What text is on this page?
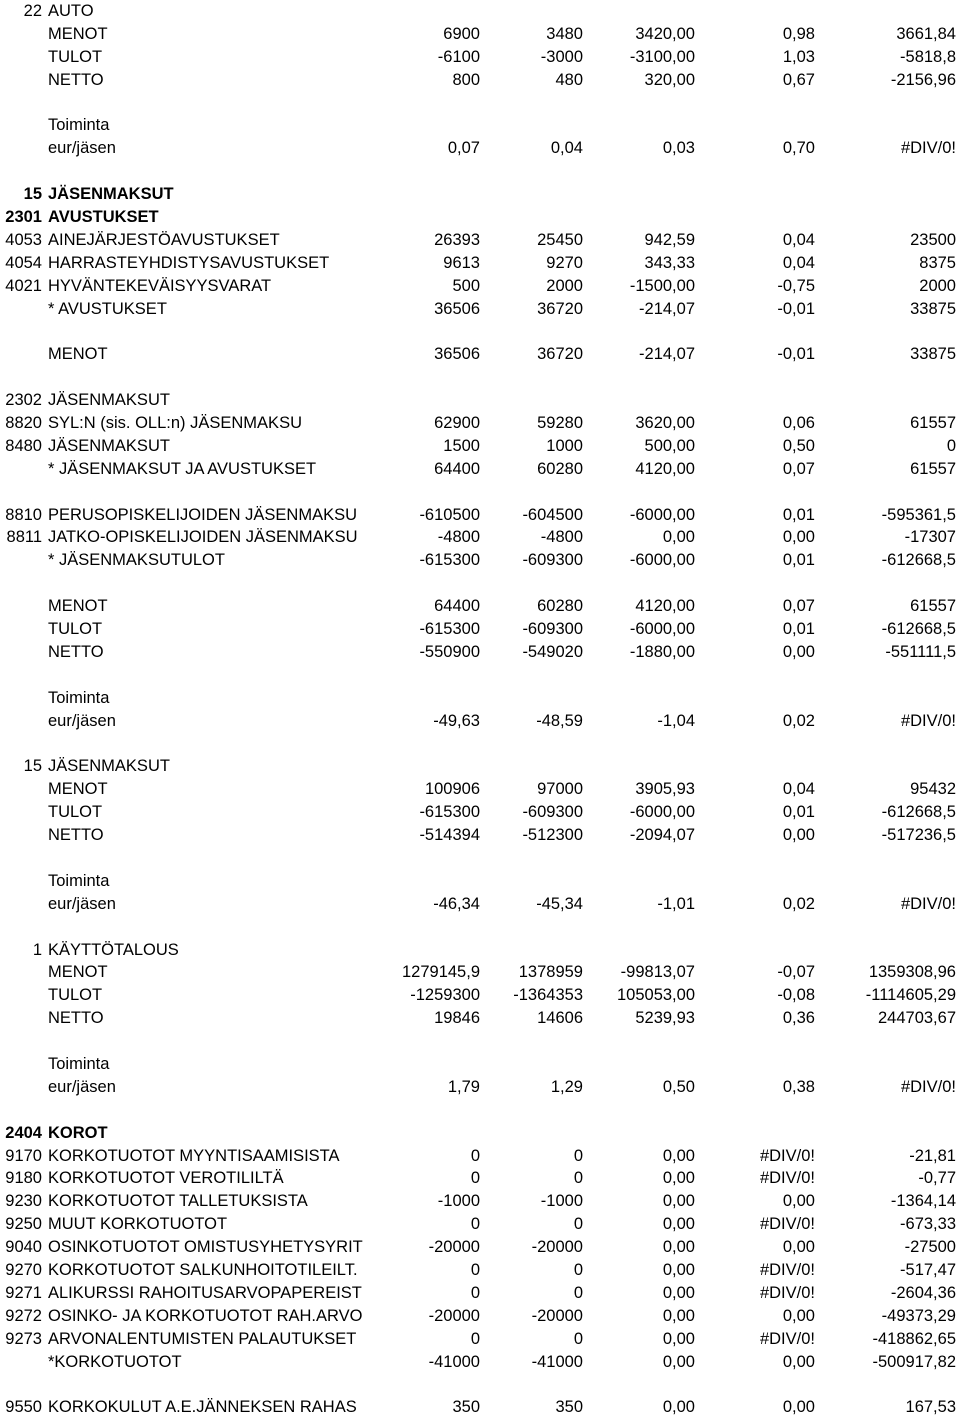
22 AUTO
MENOT	6900	3480	3420,00	0,98	3661,84
TULOT	-6100	-3000	-3100,00	1,03	-5818,8
NETTO	800	480	320,00	0,67	-2156,96
Toiminta
eur/jäsen	0,07	0,04	0,03	0,70	#DIV/0!
15 JÄSENMAKSUT
2301 AVUSTUKSET
4053 AINEJÄRJESTÖAVUSTUKSET	26393	25450	942,59	0,04	23500
4054 HARRASTEYHDISTYSAVUSTUKSET	9613	9270	343,33	0,04	8375
4021 HYVÄNTEKEVÄISYYSVARAT	500	2000	-1500,00	-0,75	2000
* AVUSTUKSET	36506	36720	-214,07	-0,01	33875
MENOT	36506	36720	-214,07	-0,01	33875
2302 JÄSENMAKSUT
8820 SYL:N (sis. OLL:n) JÄSENMAKSU	62900	59280	3620,00	0,06	61557
8480 JÄSENMAKSUT	1500	1000	500,00	0,50	0
* JÄSENMAKSUT JA AVUSTUKSET	64400	60280	4120,00	0,07	61557
8810 PERUSOPISKELIJOIDEN JÄSENMAKSU	-610500	-604500	-6000,00	0,01	-595361,5
8811 JATKO-OPISKELIJOIDEN JÄSENMAKSU	-4800	-4800	0,00	0,00	-17307
* JÄSENMAKSUTULOT	-615300	-609300	-6000,00	0,01	-612668,5
MENOT	64400	60280	4120,00	0,07	61557
TULOT	-615300	-609300	-6000,00	0,01	-612668,5
NETTO	-550900	-549020	-1880,00	0,00	-551111,5
Toiminta
eur/jäsen	-49,63	-48,59	-1,04	0,02	#DIV/0!
15 JÄSENMAKSUT
MENOT	100906	97000	3905,93	0,04	95432
TULOT	-615300	-609300	-6000,00	0,01	-612668,5
NETTO	-514394	-512300	-2094,07	0,00	-517236,5
Toiminta
eur/jäsen	-46,34	-45,34	-1,01	0,02	#DIV/0!
1 KÄYTTÖTALOUS
MENOT	1279145,9	1378959	-99813,07	-0,07	1359308,96
TULOT	-1259300	-1364353	105053,00	-0,08	-1114605,29
NETTO	19846	14606	5239,93	0,36	244703,67
Toiminta
eur/jäsen	1,79	1,29	0,50	0,38	#DIV/0!
2404 KOROT
9170 KORKOTUOTOT MYYNTISAAMISISTA	0	0	0,00	#DIV/0!	-21,81
9180 KORKOTUOTOT VEROTILILTÄ	0	0	0,00	#DIV/0!	-0,77
9230 KORKOTUOTOT TALLETUKSISTA	-1000	-1000	0,00	0,00	-1364,14
9250 MUUT KORKOTUOTOT	0	0	0,00	#DIV/0!	-673,33
9040 OSINKOTUOTOT OMISTUSYHETYSYRIT	-20000	-20000	0,00	0,00	-27500
9270 KORKOTUOTOT SALKUNHOITOTILEILT.	0	0	0,00	#DIV/0!	-517,47
9271 ALIKURSSI RAHOITUSARVOPAPEREIST	0	0	0,00	#DIV/0!	-2604,36
9272 OSINKO- JA KORKOTUOTOT RAH.ARVO	-20000	-20000	0,00	0,00	-49373,29
9273 ARVONALENTUMISTEN PALAUTUKSET	0	0	0,00	#DIV/0!	-418862,65
*KORKOTUOTOT	-41000	-41000	0,00	0,00	-500917,82
9550 KORKOKULUT A.E.JÄNNEKSEN RAHAS	350	350	0,00	0,00	167,53
